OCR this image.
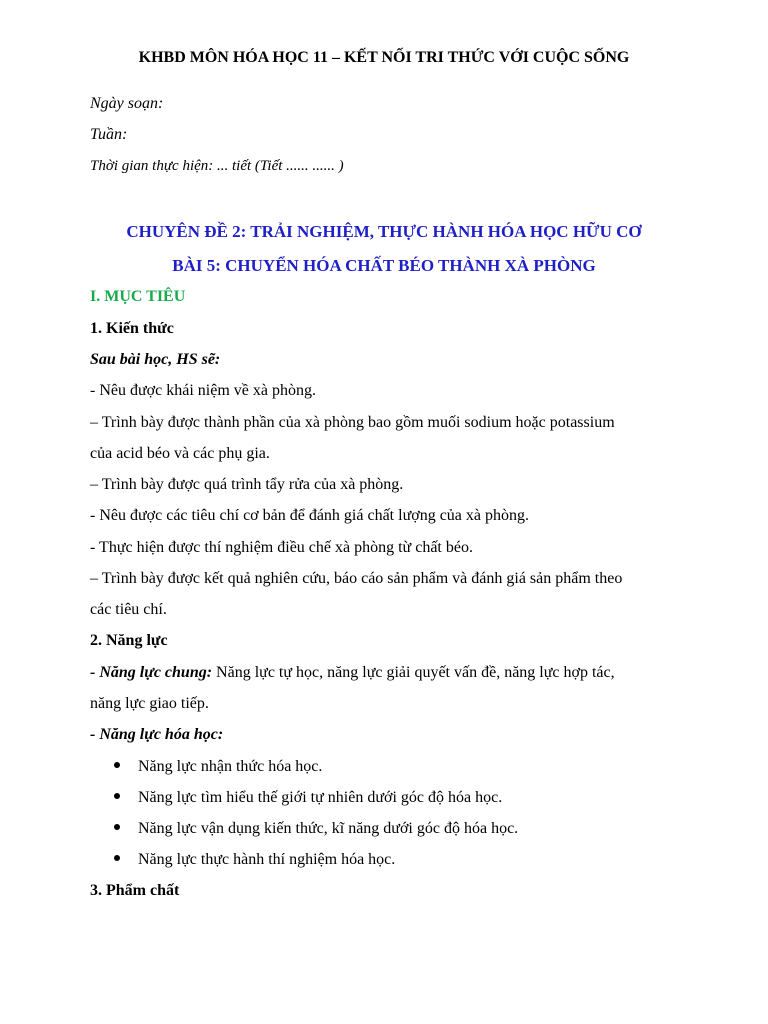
KHBD MÔN HÓA HỌC 11 – KẾT NỐI TRI THỨC VỚI CUỘC SỐNG
Ngày soạn:
Tuần:
Thời gian thực hiện: ... tiết (Tiết ...... ...... )
CHUYÊN ĐỀ 2: TRẢI NGHIỆM, THỰC HÀNH HÓA HỌC HỮU CƠ
BÀI 5: CHUYỂN HÓA CHẤT BÉO THÀNH XÀ PHÒNG
I. MỤC TIÊU
1. Kiến thức
Sau bài học, HS sẽ:
- Nêu được khái niệm về xà phòng.
– Trình bày được thành phần của xà phòng bao gồm muối sodium hoặc potassium
của acid béo và các phụ gia.
– Trình bày được quá trình tẩy rửa của xà phòng.
- Nêu được các tiêu chí cơ bản để đánh giá chất lượng của xà phòng.
- Thực hiện được thí nghiệm điều chế xà phòng từ chất béo.
– Trình bày được kết quả nghiên cứu, báo cáo sản phẩm và đánh giá sản phẩm theo
các tiêu chí.
2. Năng lực
- Năng lực chung: Năng lực tự học, năng lực giải quyết vấn đề, năng lực hợp tác,
năng lực giao tiếp.
- Năng lực hóa học:
Năng lực nhận thức hóa học.
Năng lực tìm hiểu thế giới tự nhiên dưới góc độ hóa học.
Năng lực vận dụng kiến thức, kĩ năng dưới góc độ hóa học.
Năng lực thực hành thí nghiệm hóa học.
3. Phẩm chất
